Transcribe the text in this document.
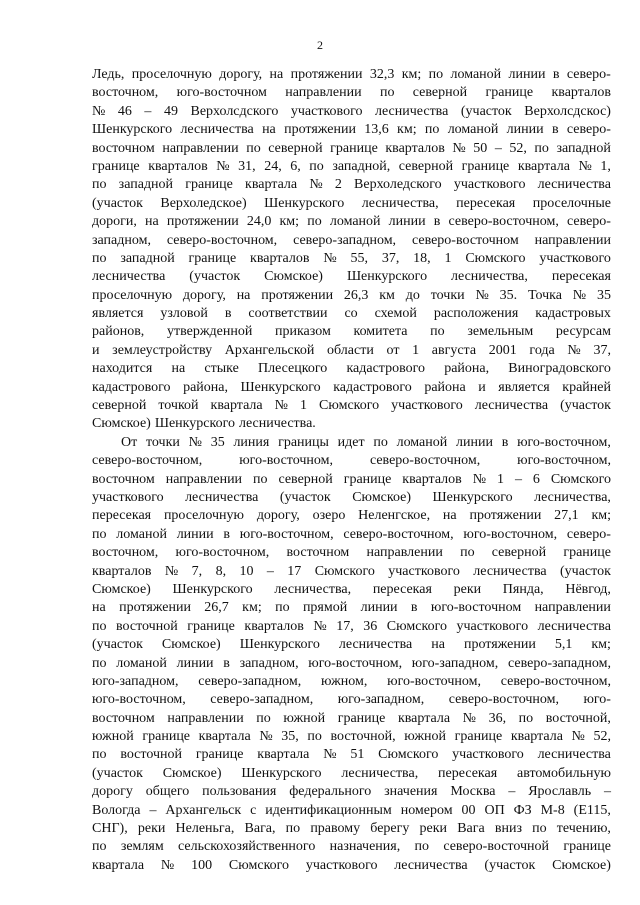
2
Ледь, проселочную дорогу, на протяжении 32,3 км; по ломаной линии в северо-
восточном, юго-восточном направлении по северной границе кварталов
№ 46 – 49 Верхолсдского участкового лесничества (участок Верхолсдскос)
Шенкурского лесничества на протяжении 13,6 км; по ломаной линии в северо-
восточном направлении по северной границе кварталов № 50 – 52, по западной
границе кварталов № 31, 24, 6, по западной, северной границе квартала № 1,
по западной границе квартала № 2 Верхоледского участкового лесничества
(участок Верхоледское) Шенкурского лесничества, пересекая проселочные
дороги, на протяжении 24,0 км; по ломаной линии в северо-восточном, северо-
западном, северо-восточном, северо-западном, северо-восточном направлении
по западной границе кварталов № 55, 37, 18, 1 Сюмского участкового
лесничества (участок Сюмское) Шенкурского лесничества, пересекая
проселочную дорогу, на протяжении 26,3 км до точки № 35. Точка № 35
является узловой в соответствии со схемой расположения кадастровых
районов, утвержденной приказом комитета по земельным ресурсам
и землеустройству Архангельской области от 1 августа 2001 года № 37,
находится на стыке Плесецкого кадастрового района, Виноградовского
кадастрового района, Шенкурского кадастрового района и является крайней
северной точкой квартала № 1 Сюмского участкового лесничества (участок
Сюмское) Шенкурского лесничества.
От точки № 35 линия границы идет по ломаной линии в юго-восточном,
северо-восточном,	юго-восточном,	северо-восточном,	юго-восточном,
восточном направлении по северной границе кварталов № 1 – 6 Сюмского
участкового лесничества (участок Сюмское) Шенкурского лесничества,
пересекая проселочную дорогу, озеро Неленгское, на протяжении 27,1 км;
по ломаной линии в юго-восточном, северо-восточном, юго-восточном, северо-
восточном, юго-восточном, восточном направлении по северной границе
кварталов № 7, 8, 10 – 17 Сюмского участкового лесничества (участок
Сюмское) Шенкурского лесничества, пересекая реки Пянда, Нёвгод,
на протяжении 26,7 км; по прямой линии в юго-восточном направлении
по восточной границе кварталов № 17, 36 Сюмского участкового лесничества
(участок Сюмское) Шенкурского лесничества на протяжении 5,1 км;
по ломаной линии в западном, юго-восточном, юго-западном, северо-западном,
юго-западном, северо-западном, южном, юго-восточном, северо-восточном,
юго-восточном, северо-западном, юго-западном, северо-восточном, юго-
восточном направлении по южной границе квартала № 36, по восточной,
южной границе квартала № 35, по восточной, южной границе квартала № 52,
по восточной границе квартала № 51 Сюмского участкового лесничества
(участок Сюмское) Шенкурского лесничества, пересекая автомобильную
дорогу общего пользования федерального значения Москва – Ярославль –
Вологда – Архангельск с идентификационным номером 00 ОП ФЗ М-8 (Е115,
СНГ), реки Неленьга, Вага, по правому берегу реки Вага вниз по течению,
по землям сельскохозяйственного назначения, по северо-восточной границе
квартала № 100 Сюмского участкового лесничества (участок Сюмское)
